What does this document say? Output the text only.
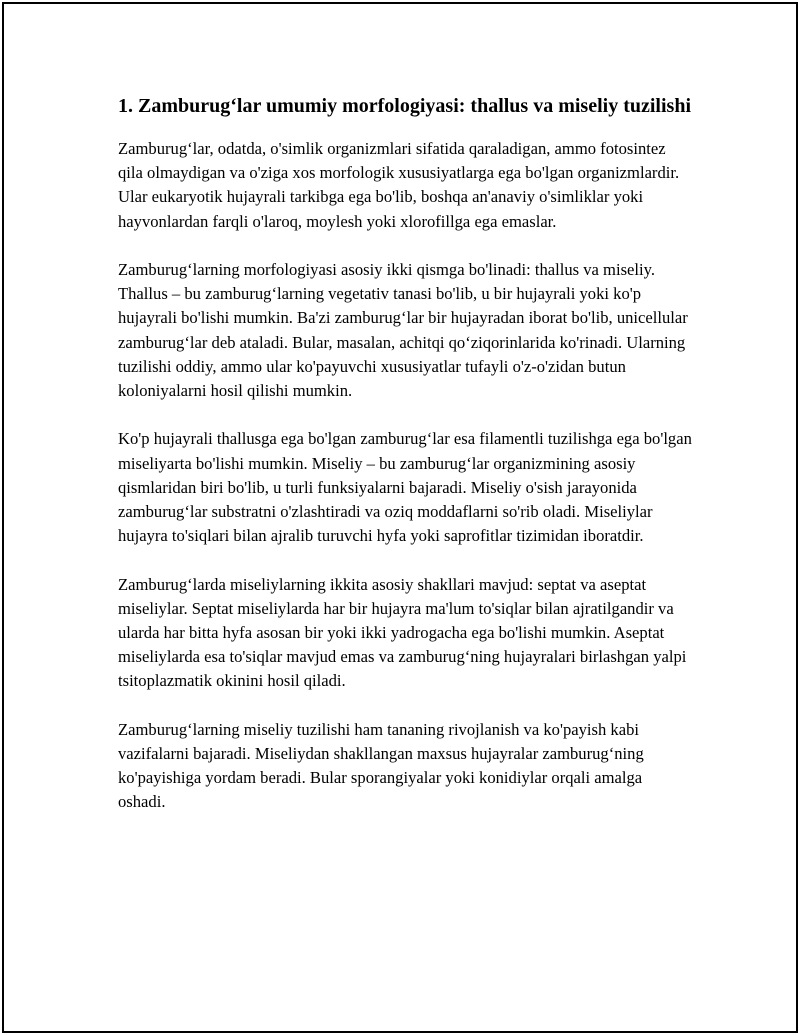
1. Zamburug‘lar umumiy morfologiyasi: thallus va miseliy tuzilishi

Zamburug‘lar, odatda, o'simlik organizmlari sifatida qaraladigan, ammo fotosintez qila olmaydigan va o'ziga xos morfologik xususiyatlarga ega bo'lgan organizmlardir. Ular eukaryotik hujayrali tarkibga ega bo'lib, boshqa an'anaviy o'simliklar yoki hayvonlardan farqli o'laroq, moylesh yoki xlorofillga ega emaslar.

Zamburug‘larning morfologiyasi asosiy ikki qismga bo'linadi: thallus va miseliy. Thallus – bu zamburug‘larning vegetativ tanasi bo'lib, u bir hujayrali yoki ko'p hujayrali bo'lishi mumkin. Ba'zi zamburug‘lar bir hujayradan iborat bo'lib, unicellular zamburug‘lar deb ataladi. Bular, masalan, achitqi qo‘ziqorinlarida ko'rinadi. Ularning tuzilishi oddiy, ammo ular ko'payuvchi xususiyatlar tufayli o'z-o'zidan butun koloniyalarni hosil qilishi mumkin.

Ko'p hujayrali thallusga ega bo'lgan zamburug‘lar esa filamentli tuzilishga ega bo'lgan miseliyarta bo'lishi mumkin. Miseliy – bu zamburug‘lar organizmining asosiy qismlaridan biri bo'lib, u turli funksiyalarni bajaradi. Miseliy o'sish jarayonida zamburug‘lar substratni o'zlashtiradi va oziq moddaflarni so'rib oladi. Miseliylar hujayra to'siqlari bilan ajralib turuvchi hyfa yoki saprofitlar tizimidan iboratdir.

Zamburug‘larda miseliylarning ikkita asosiy shakllari mavjud: septat va aseptat miseliylar. Septat miseliylarda har bir hujayra ma'lum to'siqlar bilan ajratilgandir va ularda har bitta hyfa asosan bir yoki ikki yadrogacha ega bo'lishi mumkin. Aseptat miseliylarda esa to'siqlar mavjud emas va zamburug‘ning hujayralari birlashgan yalpi tsitoplazmatik okinini hosil qiladi.

Zamburug‘larning miseliy tuzilishi ham tananing rivojlanish va ko'payish kabi vazifalarni bajaradi. Miseliydan shakllangan maxsus hujayralar zamburug‘ning ko'payishiga yordam beradi. Bular sporangiyalar yoki konidiylar orqali amalga oshadi.
